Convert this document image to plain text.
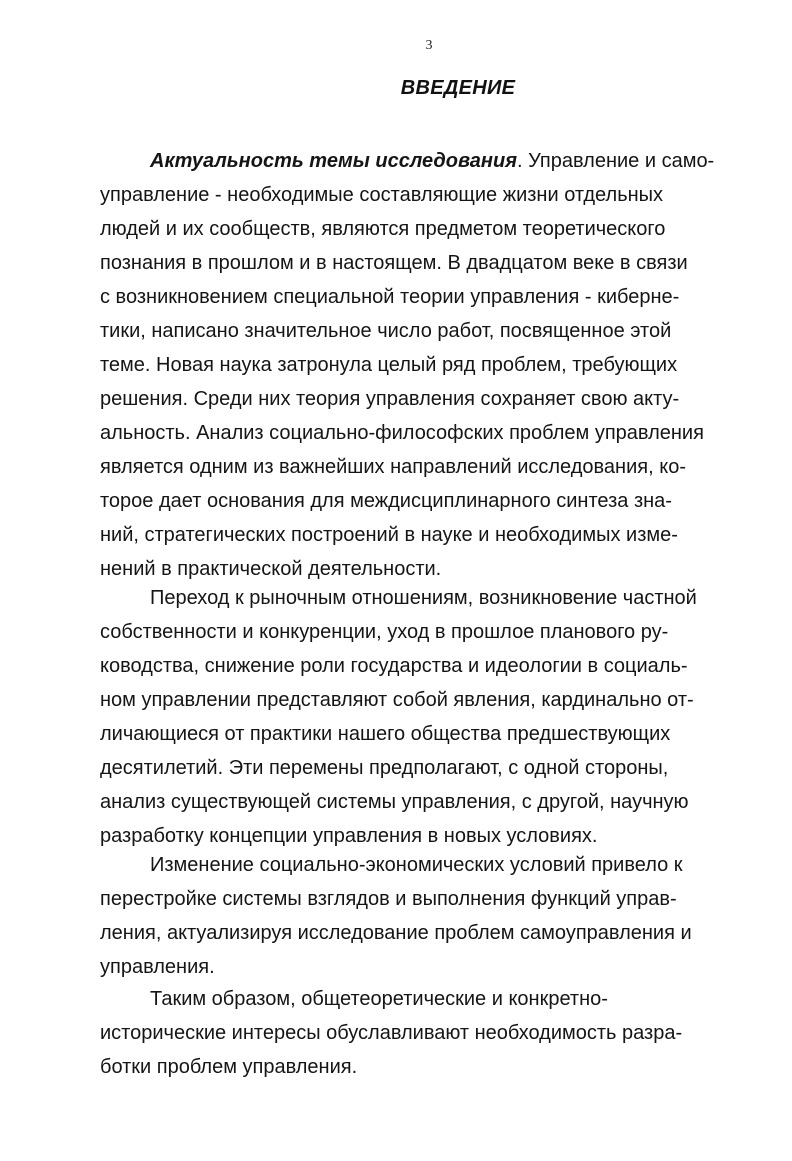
3
ВВЕДЕНИЕ
Актуальность темы исследования. Управление и само-
управление - необходимые составляющие жизни отдельных
людей и их сообществ, являются предметом теоретического
познания в прошлом и в настоящем. В двадцатом веке в связи
с возникновением специальной теории управления - киберне-
тики, написано значительное число работ, посвященное этой
теме. Новая наука затронула целый ряд проблем, требующих
решения. Среди них теория управления сохраняет свою акту-
альность. Анализ социально-философских проблем управления
является одним из важнейших направлений исследования, ко-
торое дает основания для междисциплинарного синтеза зна-
ний, стратегических построений в науке и необходимых изме-
нений в практической деятельности.
Переход к рыночным отношениям, возникновение частной
собственности и конкуренции, уход в прошлое планового ру-
ководства, снижение роли государства и идеологии в социаль-
ном управлении представляют собой явления, кардинально от-
личающиеся от практики нашего общества предшествующих
десятилетий. Эти перемены предполагают, с одной стороны,
анализ существующей системы управления, с другой, научную
разработку концепции управления в новых условиях.
Изменение социально-экономических условий привело к
перестройке системы взглядов и выполнения функций управ-
ления, актуализируя исследование проблем самоуправления и
управления.
Таким образом, общетеоретические и конкретно-
исторические интересы обуславливают необходимость разра-
ботки проблем управления.
